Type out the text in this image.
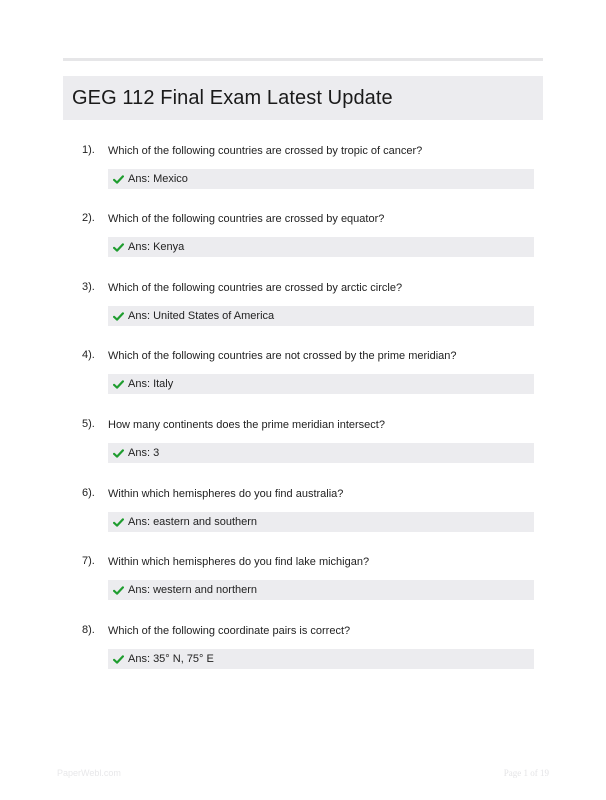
GEG 112 Final Exam Latest Update
1). Which of the following countries are crossed by tropic of cancer?
Ans: Mexico
2). Which of the following countries are crossed by equator?
Ans: Kenya
3). Which of the following countries are crossed by arctic circle?
Ans: United States of America
4). Which of the following countries are not crossed by the prime meridian?
Ans: Italy
5). How many continents does the prime meridian intersect?
Ans: 3
6). Within which hemispheres do you find australia?
Ans: eastern and southern
7). Within which hemispheres do you find lake michigan?
Ans: western and northern
8). Which of the following coordinate pairs is correct?
Ans: 35° N, 75° E
PaperWebl.com	Page 1 of 19
